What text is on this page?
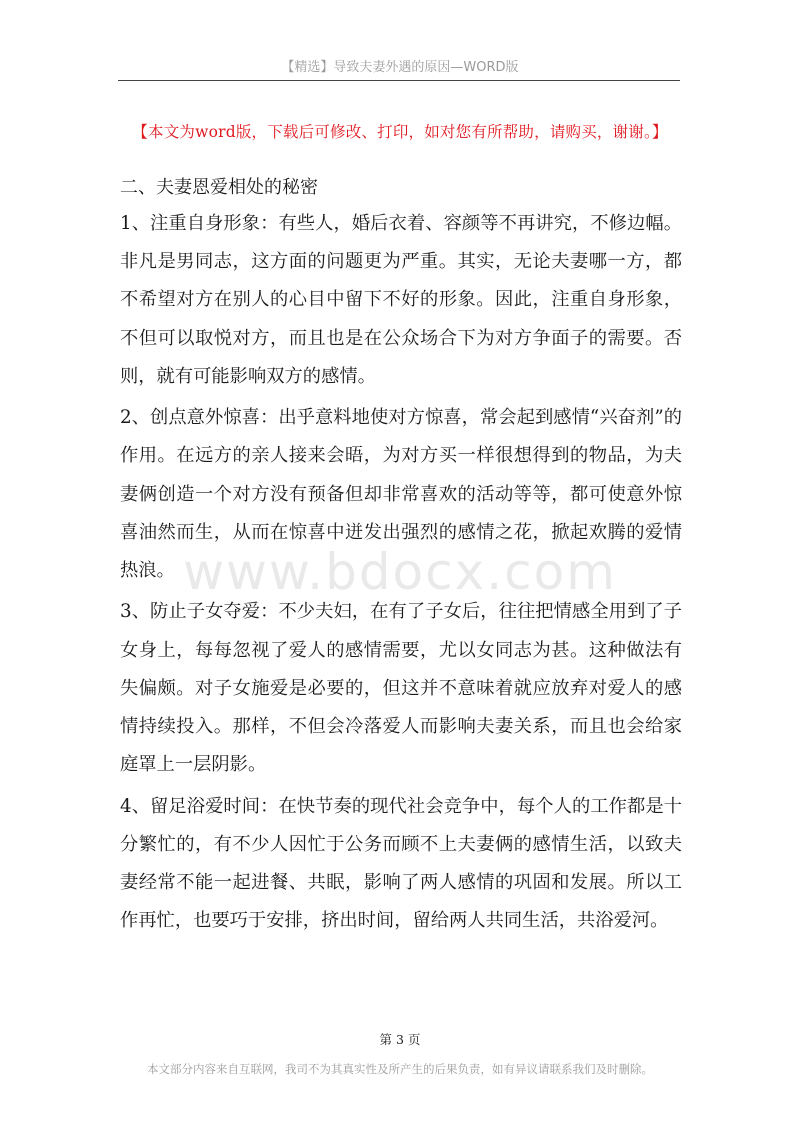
【精选】导致夫妻外遇的原因—WORD版
【本文为word版，下载后可修改、打印，如对您有所帮助，请购买，谢谢。】
二、夫妻恩爱相处的秘密

1、注重自身形象：有些人，婚后衣着、容颜等不再讲究，不修边幅。非凡是男同志，这方面的问题更为严重。其实，无论夫妻哪一方，都不希望对方在别人的心目中留下不好的形象。因此，注重自身形象，不但可以取悦对方，而且也是在公众场合下为对方争面子的需要。否则，就有可能影响双方的感情。

2、创点意外惊喜：出乎意料地使对方惊喜，常会起到感情“兴奋剂”的作用。在远方的亲人接来会晤，为对方买一样很想得到的物品，为夫妻俩创造一个对方没有预备但却非常喜欢的活动等等，都可使意外惊喜油然而生，从而在惊喜中迸发出强烈的感情之花，掀起欢腾的爱情热浪。

3、防止子女夺爱：不少夫妇，在有了子女后，往往把情感全用到了子女身上，每每忽视了爱人的感情需要，尤以女同志为甚。这种做法有失偏颇。对子女施爱是必要的，但这并不意味着就应放弃对爱人的感情持续投入。那样，不但会冷落爱人而影响夫妻关系，而且也会给家庭罩上一层阴影。

4、留足浴爱时间：在快节奏的现代社会竞争中，每个人的工作都是十分繁忙的，有不少人因忙于公务而顾不上夫妻俩的感情生活，以致夫妻经常不能一起进餐、共眠，影响了两人感情的巩固和发展。所以工作再忙，也要巧于安排，挤出时间，留给两人共同生活，共浴爱河。

www.bdocx.com
第 3 页
本文部分内容来自互联网，我司不为其真实性及所产生的后果负责，如有异议请联系我们及时删除。
